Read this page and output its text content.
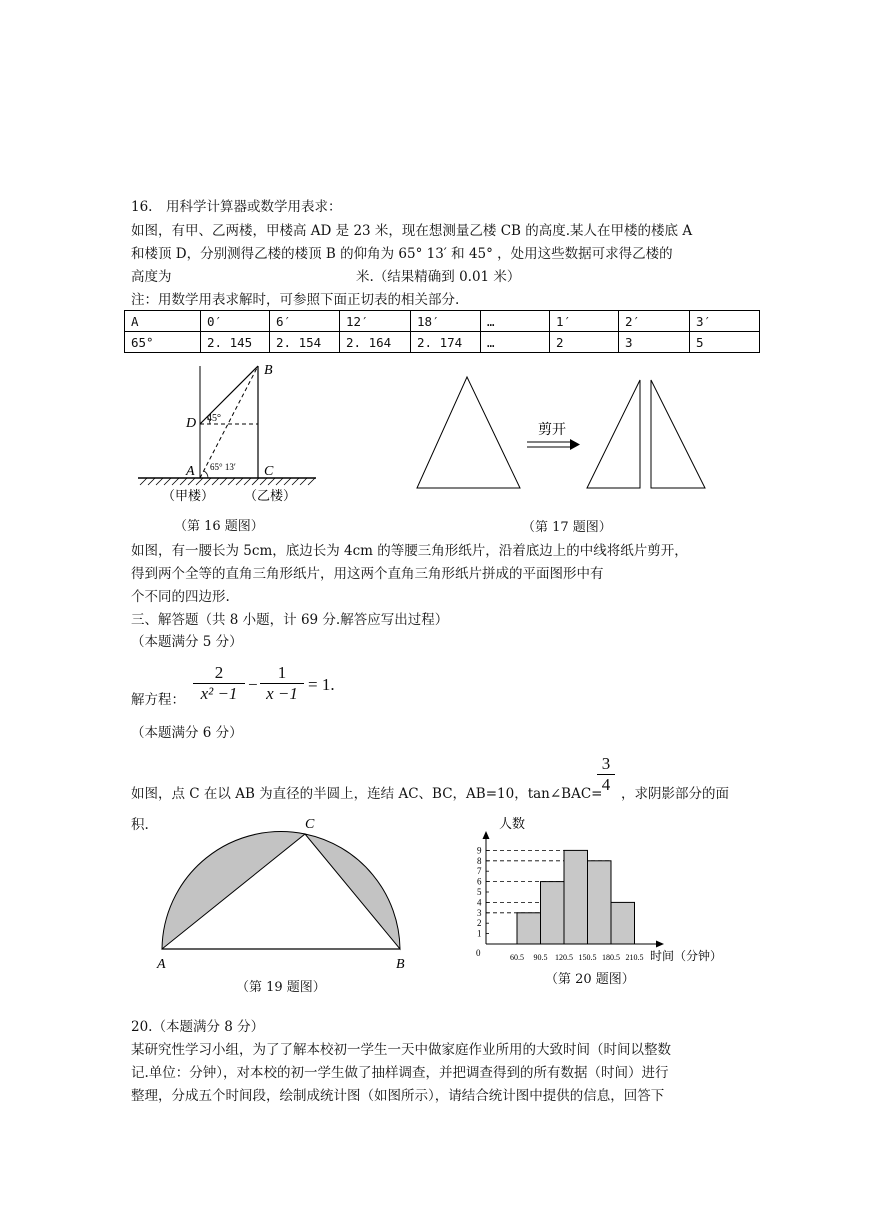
16.　用科学计算器或数学用表求：
如图，有甲、乙两楼，甲楼高 AD 是 23 米，现在想测量乙楼 CB 的高度.某人在甲楼的楼底 A
和楼顶 D，分别测得乙楼的楼顶 B 的仰角为 65° 13′ 和 45° ，处用这些数据可求得乙楼的
高度为	米.（结果精确到 0.01 米）
注：用数学用表求解时，可参照下面正切表的相关部分.
A	0′	6′	12′	18′	…	1′	2′	3′
65°	2. 145	2. 154	2. 164	2. 174	…	2	3	5
B
D
A	C
45°
65° 13′
（甲楼） （乙楼）
（第 16 题图）
剪开
（第 17 题图）
如图，有一腰长为 5cm，底边长为 4cm 的等腰三角形纸片，沿着底边上的中线将纸片剪开，
得到两个全等的直角三角形纸片，用这两个直角三角形纸片拼成的平面图形中有
个不同的四边形.
三、解答题（共 8 小题，计 69 分.解答应写出过程）
（本题满分 5 分）
解方程： $\frac{2}{\text{x² −1}} - \frac{1}{x -1} = 1$.
（本题满分 6 分）
如图，点 C 在以 AB 为直径的半圆上，连结 AC、BC，AB=10，tan∠BAC=
$\frac{3}{4}$ ，求阴影部分的面
积.
A	B
C
（第 19 题图）
人数
时间（分钟）
0
1
2
3
4
5
6
7
8
9
60.5 90.5 120.5 150.5 180.5 210.5
（第 20 题图）
20.（本题满分 8 分）
某研究性学习小组，为了了解本校初一学生一天中做家庭作业所用的大致时间（时间以整数
记.单位：分钟），对本校的初一学生做了抽样调查，并把调查得到的所有数据（时间）进行
整理，分成五个时间段，绘制成统计图（如图所示），请结合统计图中提供的信息，回答下
